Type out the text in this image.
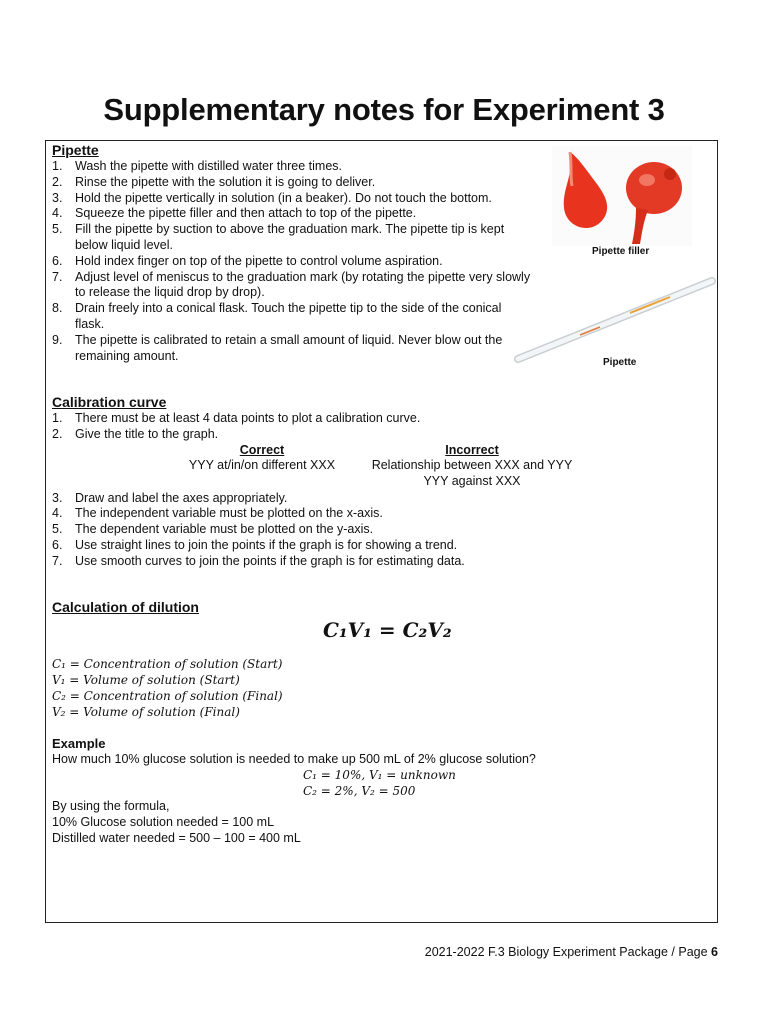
Supplementary notes for Experiment 3
Pipette
1. Wash the pipette with distilled water three times.
2. Rinse the pipette with the solution it is going to deliver.
3. Hold the pipette vertically in solution (in a beaker). Do not touch the bottom.
4. Squeeze the pipette filler and then attach to top of the pipette.
5. Fill the pipette by suction to above the graduation mark. The pipette tip is kept below liquid level.
6. Hold index finger on top of the pipette to control volume aspiration.
7. Adjust level of meniscus to the graduation mark (by rotating the pipette very slowly to release the liquid drop by drop).
8. Drain freely into a conical flask. Touch the pipette tip to the side of the conical flask.
9. The pipette is calibrated to retain a small amount of liquid. Never blow out the remaining amount.
Pipette filler
Pipette
Calibration curve
1. There must be at least 4 data points to plot a calibration curve.
2. Give the title to the graph.
Correct
YYY at/in/on different XXX
Incorrect
Relationship between XXX and YYY
YYY against XXX
3. Draw and label the axes appropriately.
4. The independent variable must be plotted on the x-axis.
5. The dependent variable must be plotted on the y-axis.
6. Use straight lines to join the points if the graph is for showing a trend.
7. Use smooth curves to join the points if the graph is for estimating data.
Calculation of dilution
C₁V₁ = C₂V₂
C₁ = Concentration of solution (Start)
V₁ = Volume of solution (Start)
C₂ = Concentration of solution (Final)
V₂ = Volume of solution (Final)
Example
How much 10% glucose solution is needed to make up 500 mL of 2% glucose solution?
C₁ = 10%, V₁ = unknown
C₂ = 2%, V₂ = 500
By using the formula,
10% Glucose solution needed = 100 mL
Distilled water needed = 500 – 100 = 400 mL
2021-2022 F.3 Biology Experiment Package / Page 6
